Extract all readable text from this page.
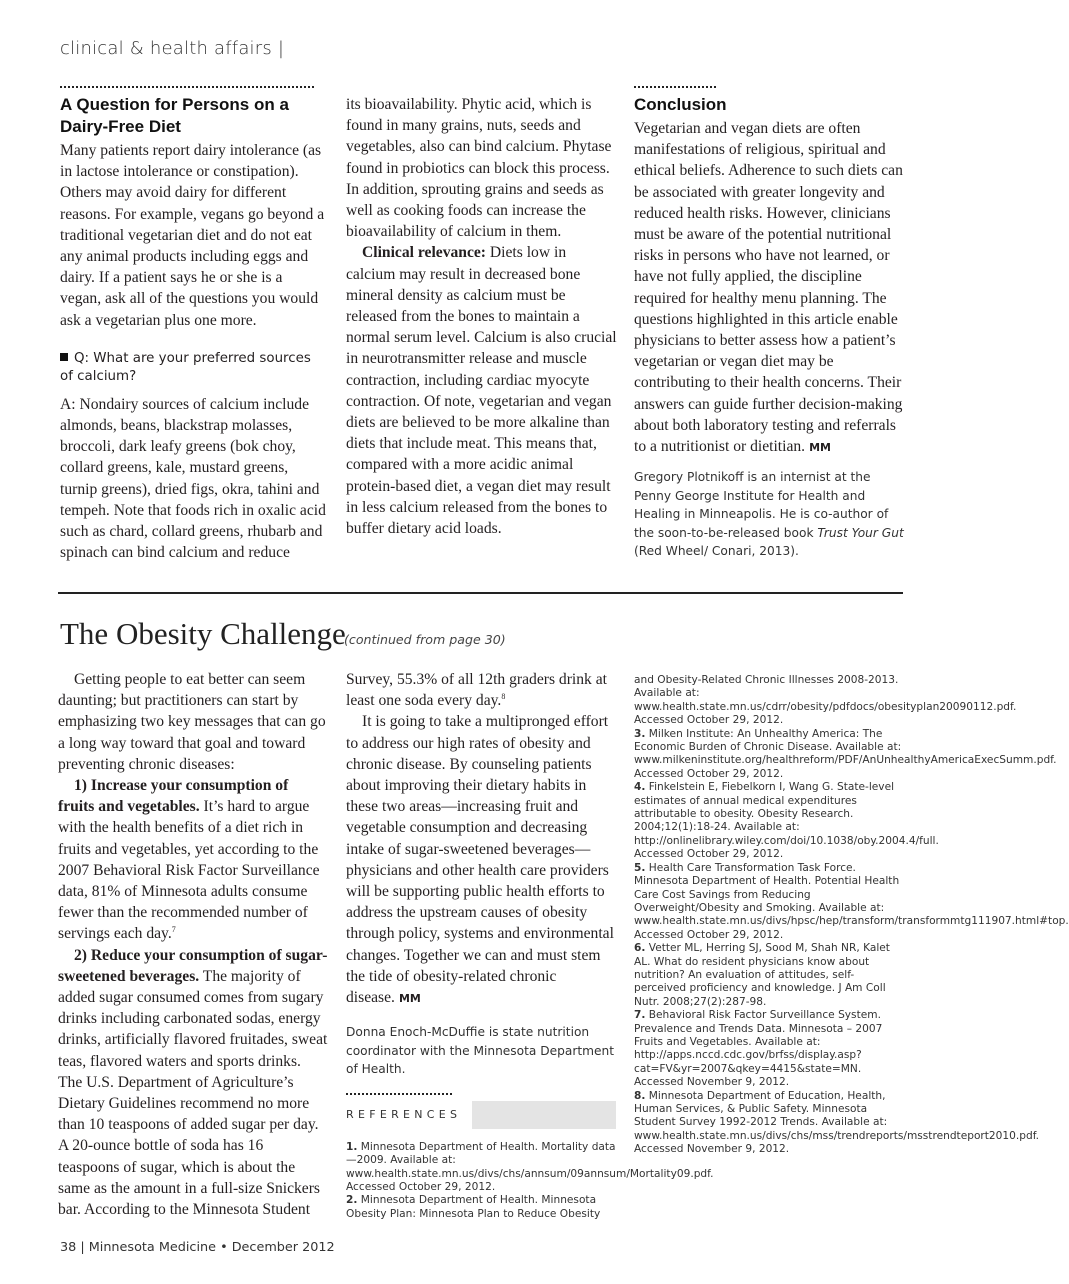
clinical & health affairs |
A Question for Persons on a Dairy-Free Diet

Many patients report dairy intolerance (as in lactose intolerance or constipation). Others may avoid dairy for different reasons. For example, vegans go beyond a traditional vegetarian diet and do not eat any animal products including eggs and dairy. If a patient says he or she is a vegan, ask all of the questions you would ask a vegetarian plus one more.

Q: What are your preferred sources of calcium?

A: Nondairy sources of calcium include almonds, beans, blackstrap molasses, broccoli, dark leafy greens (bok choy, collard greens, kale, mustard greens, turnip greens), dried figs, okra, tahini and tempeh. Note that foods rich in oxalic acid such as chard, collard greens, rhubarb and spinach can bind calcium and reduce

its bioavailability. Phytic acid, which is found in many grains, nuts, seeds and vegetables, also can bind calcium. Phytase found in probiotics can block this process. In addition, sprouting grains and seeds as well as cooking foods can increase the bioavailability of calcium in them.

Clinical relevance: Diets low in calcium may result in decreased bone mineral density as calcium must be released from the bones to maintain a normal serum level. Calcium is also crucial in neurotransmitter release and muscle contraction, including cardiac myocyte contraction. Of note, vegetarian and vegan diets are believed to be more alkaline than diets that include meat. This means that, compared with a more acidic animal protein-based diet, a vegan diet may result in less calcium released from the bones to buffer dietary acid loads.

Conclusion

Vegetarian and vegan diets are often manifestations of religious, spiritual and ethical beliefs. Adherence to such diets can be associated with greater longevity and reduced health risks. However, clinicians must be aware of the potential nutritional risks in persons who have not learned, or have not fully applied, the discipline required for healthy menu planning. The questions highlighted in this article enable physicians to better assess how a patient’s vegetarian or vegan diet may be contributing to their health concerns. Their answers can guide further decision-making about both laboratory testing and referrals to a nutritionist or dietitian. MM

Gregory Plotnikoff is an internist at the Penny George Institute for Health and Healing in Minneapolis. He is co-author of the soon-to-be-released book Trust Your Gut (Red Wheel/ Conari, 2013).

The Obesity Challenge
(continued from page 30)

Getting people to eat better can seem daunting; but practitioners can start by emphasizing two key messages that can go a long way toward that goal and toward preventing chronic diseases:

1) Increase your consumption of fruits and vegetables. It’s hard to argue with the health benefits of a diet rich in fruits and vegetables, yet according to the 2007 Behavioral Risk Factor Surveillance data, 81% of Minnesota adults consume fewer than the recommended number of servings each day.$^7$

2) Reduce your consumption of sugar-sweetened beverages. The majority of added sugar consumed comes from sugary drinks including carbonated sodas, energy drinks, artificially flavored fruitades, sweat teas, flavored waters and sports drinks. The U.S. Department of Agriculture’s Dietary Guidelines recommend no more than 10 teaspoons of added sugar per day. A 20-ounce bottle of soda has 16 teaspoons of sugar, which is about the same as the amount in a full-size Snickers bar. According to the Minnesota Student

Survey, 55.3% of all 12th graders drink at least one soda every day.$^8$

It is going to take a multipronged effort to address our high rates of obesity and chronic disease. By counseling patients about improving their dietary habits in these two areas—increasing fruit and vegetable consumption and decreasing intake of sugar-sweetened beverages—physicians and other health care providers will be supporting public health efforts to address the upstream causes of obesity through policy, systems and environmental changes. Together we can and must stem the tide of obesity-related chronic disease. MM

Donna Enoch-McDuffie is state nutrition coordinator with the Minnesota Department of Health.

REFERENCES

1. Minnesota Department of Health. Mortality data—2009. Available at: www.health.state.mn.us/divs/chs/annsum/09annsum/Mortality09.pdf. Accessed October 29, 2012.

2. Minnesota Department of Health. Minnesota Obesity Plan: Minnesota Plan to Reduce Obesity

and Obesity-Related Chronic Illnesses 2008-2013. Available at: www.health.state.mn.us/cdrr/obesity/pdfdocs/obesityplan20090112.pdf. Accessed October 29, 2012.

3. Milken Institute: An Unhealthy America: The Economic Burden of Chronic Disease. Available at: www.milkeninstitute.org/healthreform/PDF/AnUnhealthyAmericaExecSumm.pdf. Accessed October 29, 2012.

4. Finkelstein E, Fiebelkorn I, Wang G. State-level estimates of annual medical expenditures attributable to obesity. Obesity Research. 2004;12(1):18-24. Available at: http://onlinelibrary.wiley.com/doi/10.1038/oby.2004.4/full. Accessed October 29, 2012.

5. Health Care Transformation Task Force. Minnesota Department of Health. Potential Health Care Cost Savings from Reducing Overweight/Obesity and Smoking. Available at: www.health.state.mn.us/divs/hpsc/hep/transform/transformmtg111907.html#top. Accessed October 29, 2012.

6. Vetter ML, Herring SJ, Sood M, Shah NR, Kalet AL. What do resident physicians know about nutrition? An evaluation of attitudes, self-perceived proficiency and knowledge. J Am Coll Nutr. 2008;27(2):287-98.

7. Behavioral Risk Factor Surveillance System. Prevalence and Trends Data. Minnesota – 2007 Fruits and Vegetables. Available at: http://apps.nccd.cdc.gov/brfss/display.asp?cat=FV&yr=2007&qkey=4415&state=MN. Accessed November 9, 2012.

8. Minnesota Department of Education, Health, Human Services, & Public Safety. Minnesota Student Survey 1992-2012 Trends. Available at: www.health.state.mn.us/divs/chs/mss/trendreports/msstrendteport2010.pdf. Accessed November 9, 2012.

38 | Minnesota Medicine • December 2012
